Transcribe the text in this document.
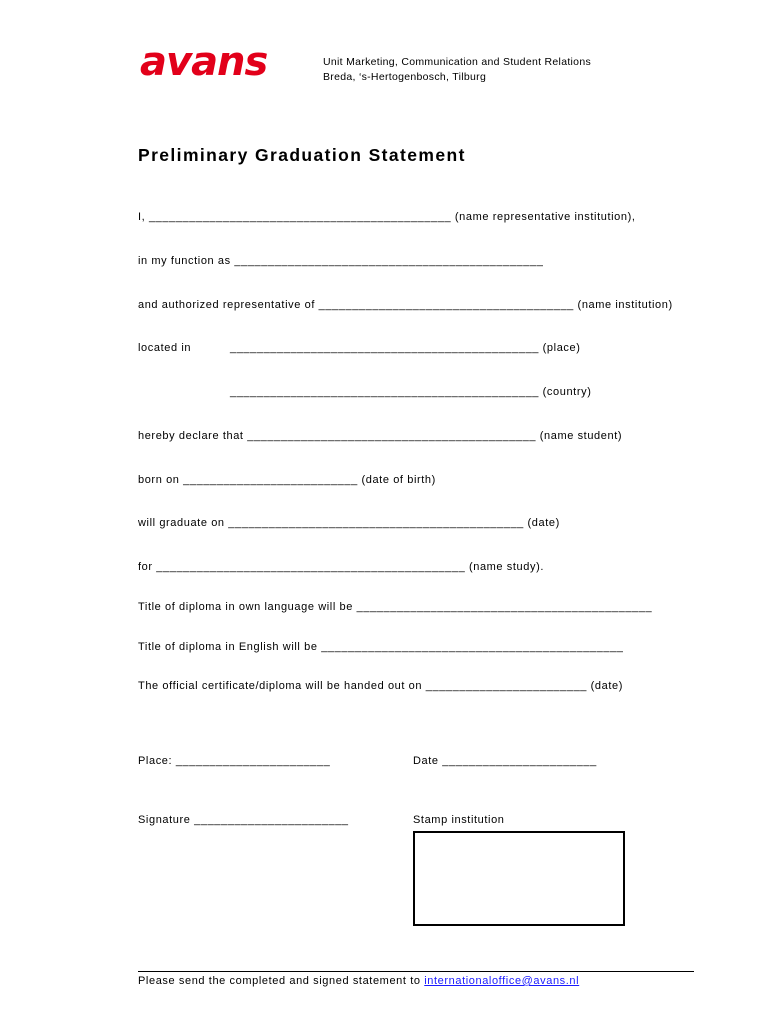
avans	Unit Marketing, Communication and Student Relations
Breda, ‘s-Hertogenbosch, Tilburg
Preliminary Graduation Statement
I, _____________________________________________ (name representative institution),
in my function as ______________________________________________
and authorized representative of ______________________________________ (name institution)
located in	______________________________________________ (place)
______________________________________________ (country)
hereby declare that ___________________________________________ (name student)
born on __________________________ (date of birth)
will graduate on ____________________________________________ (date)
for ______________________________________________ (name study).
Title of diploma in own language will be ____________________________________________
Title of diploma in English will be _____________________________________________
The official certificate/diploma will be handed out on ________________________ (date)
Place: _______________________	Date _______________________
Signature _______________________	Stamp institution
Please send the completed and signed statement to internationaloffice@avans.nl
